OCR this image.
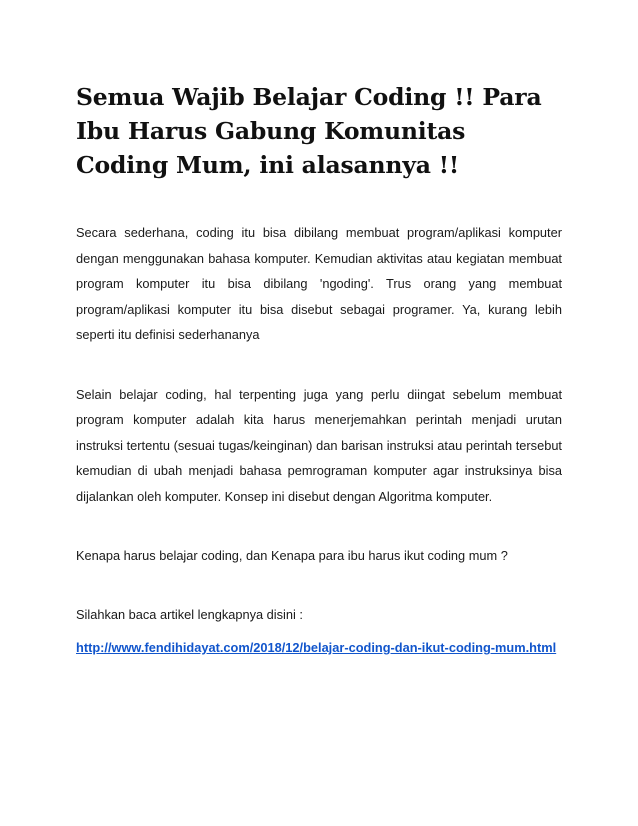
Semua Wajib Belajar Coding !! Para Ibu Harus Gabung Komunitas Coding Mum, ini alasannya !!

Secara sederhana, coding itu bisa dibilang membuat program/aplikasi komputer dengan menggunakan bahasa komputer. Kemudian aktivitas atau kegiatan membuat program komputer itu bisa dibilang 'ngoding'. Trus orang yang membuat program/aplikasi komputer itu bisa disebut sebagai programer. Ya, kurang lebih seperti itu definisi sederhananya

Selain belajar coding, hal terpenting juga yang perlu diingat sebelum membuat program komputer adalah kita harus menerjemahkan perintah menjadi urutan instruksi tertentu (sesuai tugas/keinginan) dan barisan instruksi atau perintah tersebut kemudian di ubah menjadi bahasa pemrograman komputer agar instruksinya bisa dijalankan oleh komputer. Konsep ini disebut dengan Algoritma komputer.

Kenapa harus belajar coding, dan Kenapa para ibu harus ikut coding mum ?

Silahkan baca artikel lengkapnya disini :

http://www.fendihidayat.com/2018/12/belajar-coding-dan-ikut-coding-mum.html
